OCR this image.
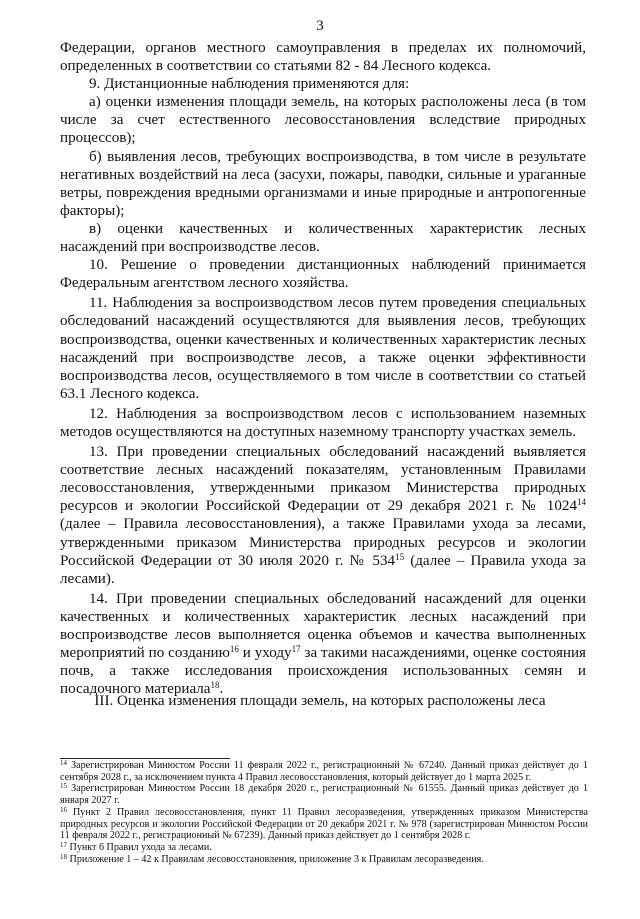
3

Федерации, органов местного самоуправления в пределах их полномочий, определенных в соответствии со статьями 82 - 84 Лесного кодекса.

9. Дистанционные наблюдения применяются для:

а) оценки изменения площади земель, на которых расположены леса (в том числе за счет естественного лесовосстановления вследствие природных процессов);

б) выявления лесов, требующих воспроизводства, в том числе в результате негативных воздействий на леса (засухи, пожары, паводки, сильные и ураганные ветры, повреждения вредными организмами и иные природные и антропогенные факторы);

в) оценки качественных и количественных характеристик лесных насаждений при воспроизводстве лесов.

10. Решение о проведении дистанционных наблюдений принимается Федеральным агентством лесного хозяйства.

11. Наблюдения за воспроизводством лесов путем проведения специальных обследований насаждений осуществляются для выявления лесов, требующих воспроизводства, оценки качественных и количественных характеристик лесных насаждений при воспроизводстве лесов, а также оценки эффективности воспроизводства лесов, осуществляемого в том числе в соответствии со статьей 63.1 Лесного кодекса.

12. Наблюдения за воспроизводством лесов с использованием наземных методов осуществляются на доступных наземному транспорту участках земель.

13. При проведении специальных обследований насаждений выявляется соответствие лесных насаждений показателям, установленным Правилами лесовосстановления, утвержденными приказом Министерства природных ресурсов и экологии Российской Федерации от 29 декабря 2021 г. № 1024$^{14}$ (далее – Правила лесовосстановления), а также Правилами ухода за лесами, утвержденными приказом Министерства природных ресурсов и экологии Российской Федерации от 30 июля 2020 г. № $534^{15}$ (далее – Правила ухода за лесами).

14. При проведении специальных обследований насаждений для оценки качественных и количественных характеристик лесных насаждений при воспроизводстве лесов выполняется оценка объемов и качества выполненных мероприятий по созданию$^{16}$ и уходу$^{17}$ за такими насаждениями, оценке состояния почв, а также исследования происхождения использованных семян и посадочного материала$^{18}$.

III. Оценка изменения площади земель, на которых расположены леса

$^{14}$ Зарегистрирован Минюстом России 11 февраля 2022 г., регистрационный № 67240. Данный приказ действует до 1 сентября 2028 г., за исключением пункта 4 Правил лесовосстановления, который действует до 1 марта 2025 г.

$^{15}$ Зарегистрирован Минюстом России 18 декабря 2020 г., регистрационный № 61555. Данный приказ действует до 1 января 2027 г.

$^{16}$ Пункт 2 Правил лесовосстановления, пункт 11 Правил лесоразведения, утвержденных приказом Министерства природных ресурсов и экологии Российской Федерации от 20 декабря 2021 г. № 978 (зарегистрирован Минюстом России 11 февраля 2022 г., регистрационный № 67239). Данный приказ действует до 1 сентября 2028 г.

$^{17}$ Пункт 6 Правил ухода за лесами.

$^{18}$ Приложение 1 – 42 к Правилам лесовосстановления, приложение 3 к Правилам лесоразведения.
